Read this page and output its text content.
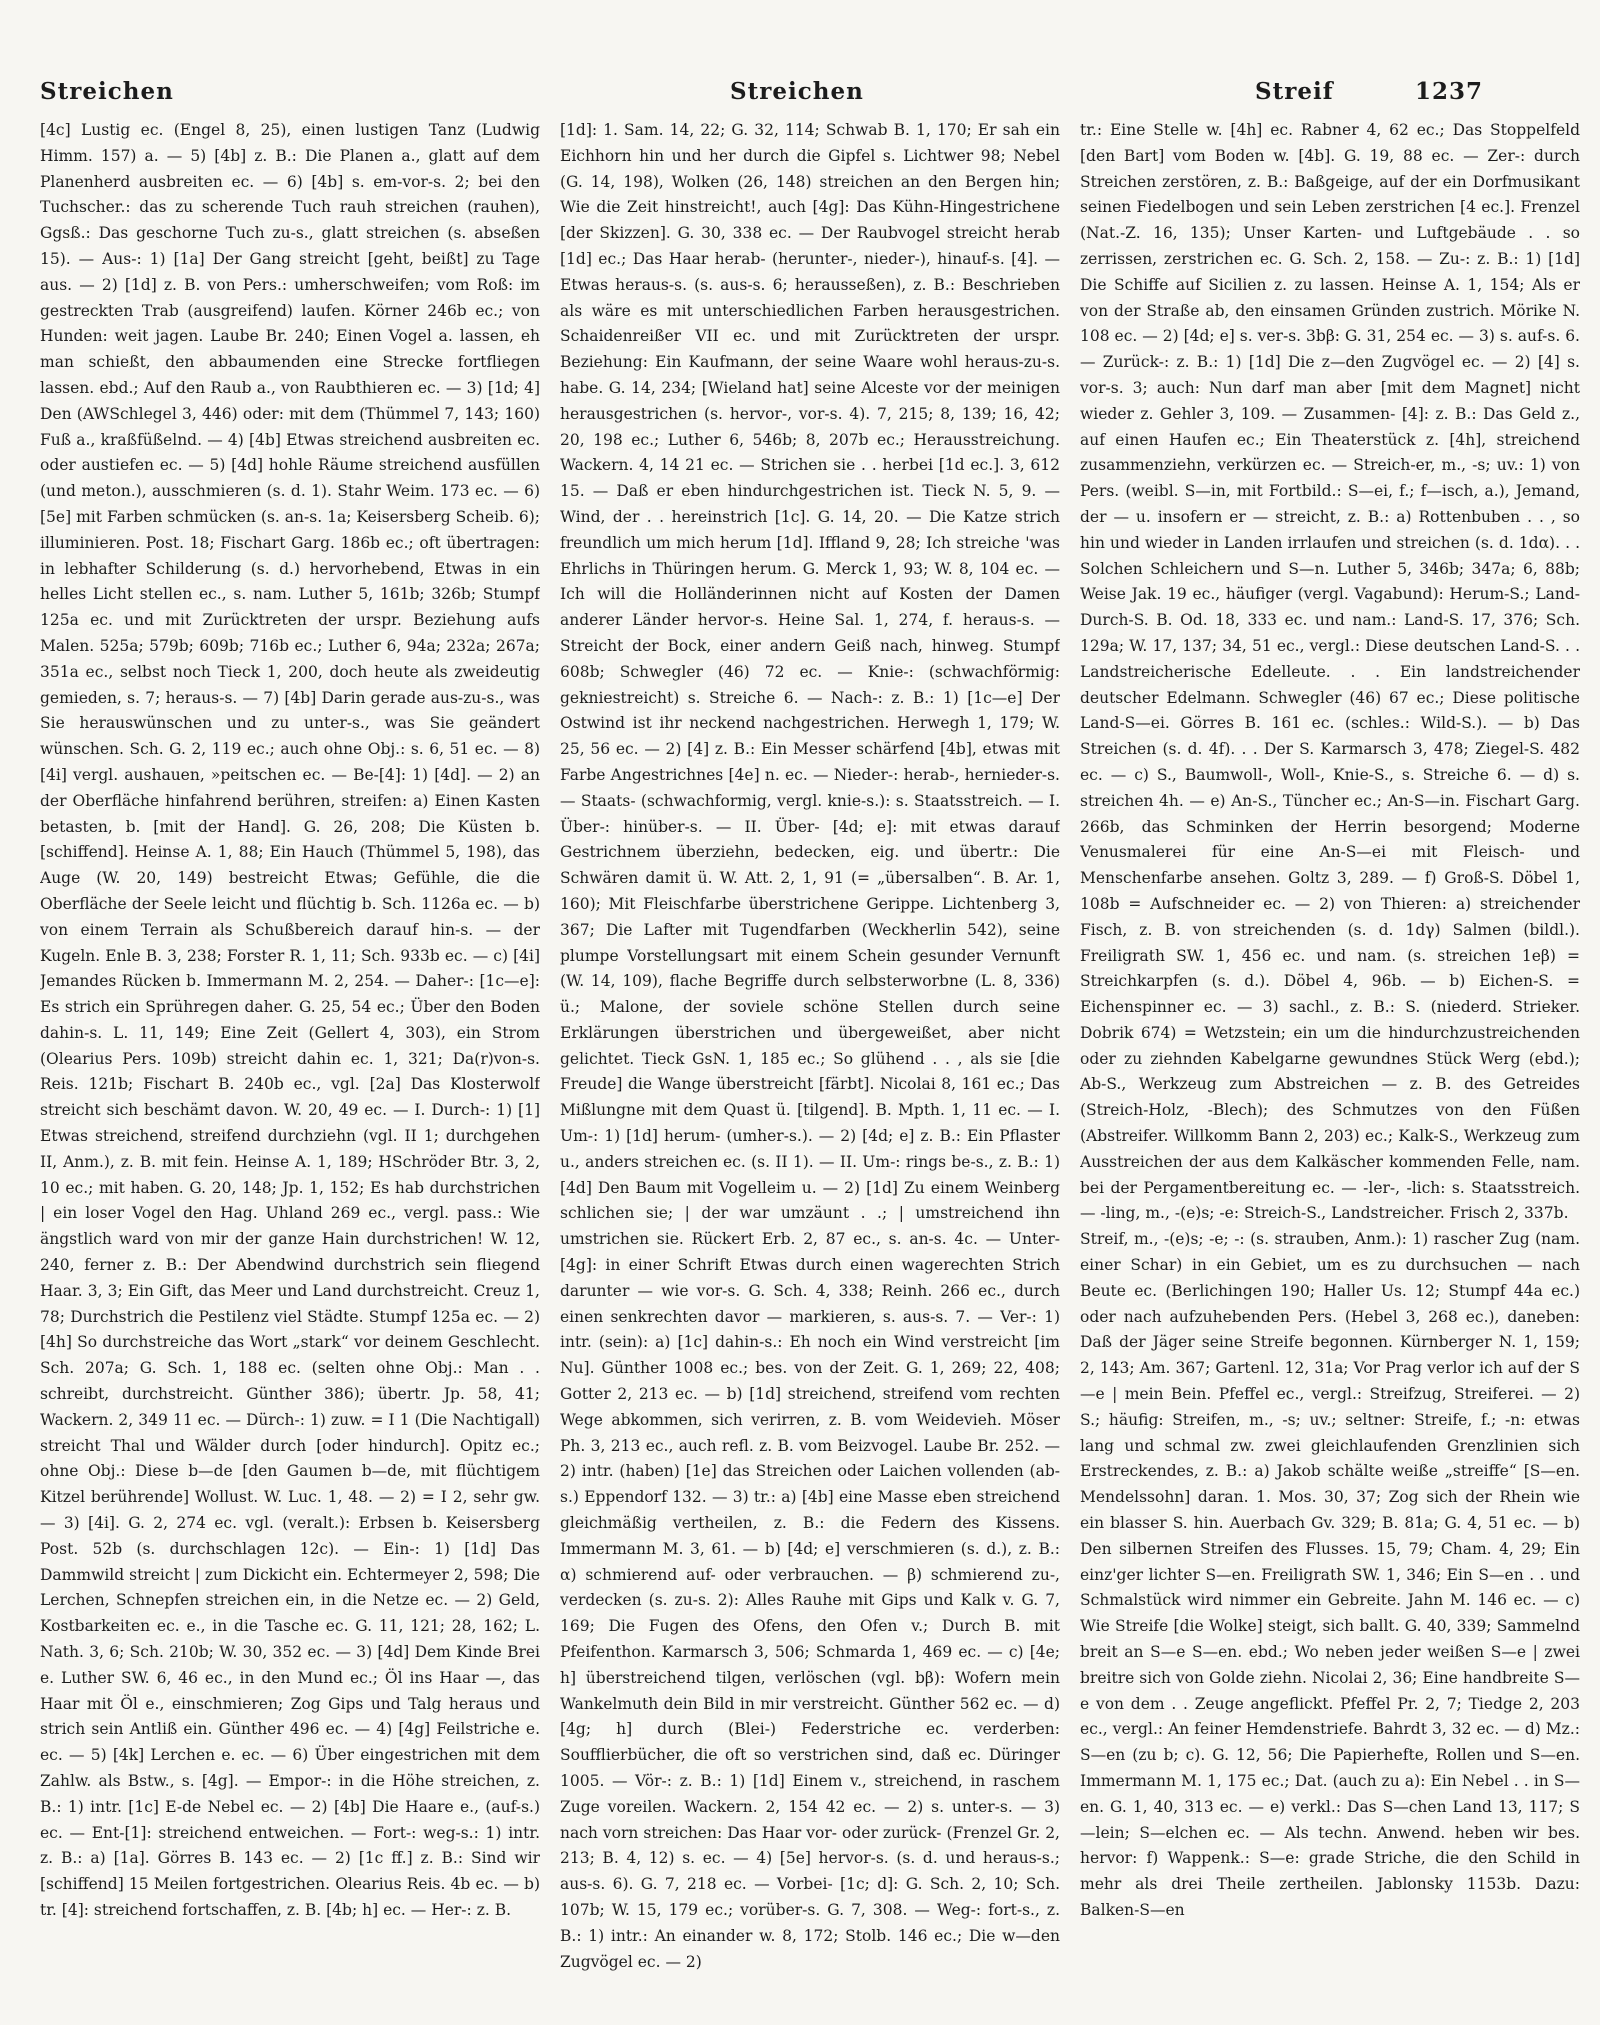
Streichen	Streichen	Streif	1237

[4c] Lustig ec. (Engel 8, 25), einen lustigen Tanz (Ludwig Himm. 157) a. — 5) [4b] z. B.: Die Planen a., glatt auf dem Planenherd ausbreiten ec. — 6) [4b] s. em-vor-s. 2; bei den Tuchscher.: das zu scherende Tuch rauh streichen (rauhen), Ggsß.: Das geschorne Tuch zu-s., glatt streichen (s. abseßen 15). — Aus-: 1) [1a] Der Gang streicht [geht, beißt] zu Tage aus. — 2) [1d] z. B. von Pers.: umherschweifen; vom Roß: im gestreckten Trab (ausgreifend) laufen. Körner 246b ec.; von Hunden: weit jagen. Laube Br. 240; Einen Vogel a. lassen, eh man schießt, den abbaumenden eine Strecke fortfliegen lassen. ebd.; Auf den Raub a., von Raubthieren ec. — 3) [1d; 4] Den (AWSchlegel 3, 446) oder: mit dem (Thümmel 7, 143; 160) Fuß a., kraßfüßelnd. — 4) [4b] Etwas streichend ausbreiten ec. oder austiefen ec. — 5) [4d] hohle Räume streichend ausfüllen (und meton.), ausschmieren (s. d. 1). Stahr Weim. 173 ec. — 6) [5e] mit Farben schmücken (s. an-s. 1a; Keisersberg Scheib. 6); illuminieren. Post. 18; Fischart Garg. 186b ec.; oft übertragen: in lebhafter Schilderung (s. d.) hervorhebend, Etwas in ein helles Licht stellen ec., s. nam. Luther 5, 161b; 326b; Stumpf 125a ec. und mit Zurücktreten der urspr. Beziehung aufs Malen. 525a; 579b; 609b; 716b ec.; Luther 6, 94a; 232a; 267a; 351a ec., selbst noch Tieck 1, 200, doch heute als zweideutig gemieden, s. 7; heraus-s. — 7) [4b] Darin gerade aus-zu-s., was Sie herauswünschen und zu unter-s., was Sie geändert wünschen. Sch. G. 2, 119 ec.; auch ohne Obj.: s. 6, 51 ec. — 8) [4i] vergl. aushauen, »peitschen ec. — Be-[4]: 1) [4d]. — 2) an der Oberfläche hinfahrend berühren, streifen: a) Einen Kasten betasten, b. [mit der Hand]. G. 26, 208; Die Küsten b. [schiffend]. Heinse A. 1, 88; Ein Hauch (Thümmel 5, 198), das Auge (W. 20, 149) bestreicht Etwas; Gefühle, die die Oberfläche der Seele leicht und flüchtig b. Sch. 1126a ec. — b) von einem Terrain als Schußbereich darauf hin-s. — der Kugeln. Enle B. 3, 238; Forster R. 1, 11; Sch. 933b ec. — c) [4i] Jemandes Rücken b. Immermann M. 2, 254. — Daher-: [1c—e]: Es strich ein Sprühregen daher. G. 25, 54 ec.; Über den Boden dahin-s. L. 11, 149; Eine Zeit (Gellert 4, 303), ein Strom (Olearius Pers. 109b) streicht dahin ec. 1, 321; Da(r)von-s. Reis. 121b; Fischart B. 240b ec., vgl. [2a] Das Klosterwolf streicht sich beschämt davon. W. 20, 49 ec. — I. Durch-: 1) [1] Etwas streichend, streifend durchziehn (vgl. II 1; durchgehen II, Anm.), z. B. mit fein. Heinse A. 1, 189; HSchröder Btr. 3, 2, 10 ec.; mit haben. G. 20, 148; Jp. 1, 152; Es hab durchstrichen | ein loser Vogel den Hag. Uhland 269 ec., vergl. pass.: Wie ängstlich ward von mir der ganze Hain durchstrichen! W. 12, 240, ferner z. B.: Der Abendwind durchstrich sein fliegend Haar. 3, 3; Ein Gift, das Meer und Land durchstreicht. Creuz 1, 78; Durchstrich die Pestilenz viel Städte. Stumpf 125a ec. — 2) [4h] So durchstreiche das Wort „stark“ vor deinem Geschlecht. Sch. 207a; G. Sch. 1, 188 ec. (selten ohne Obj.: Man . . schreibt, durchstreicht. Günther 386); übertr. Jp. 58, 41; Wackern. 2, 349 11 ec. — Dürch-: 1) zuw. = I 1 (Die Nachtigall) streicht Thal und Wälder durch [oder hindurch]. Opitz ec.; ohne Obj.: Diese b—de [den Gaumen b—de, mit flüchtigem Kitzel berührende] Wollust. W. Luc. 1, 48. — 2) = I 2, sehr gw. — 3) [4i]. G. 2, 274 ec. vgl. (veralt.): Erbsen b. Keisersberg Post. 52b (s. durchschlagen 12c). — Ein-: 1) [1d] Das Dammwild streicht | zum Dickicht ein. Echtermeyer 2, 598; Die Lerchen, Schnepfen streichen ein, in die Netze ec. — 2) Geld, Kostbarkeiten ec. e., in die Tasche ec. G. 11, 121; 28, 162; L. Nath. 3, 6; Sch. 210b; W. 30, 352 ec. — 3) [4d] Dem Kinde Brei e. Luther SW. 6, 46 ec., in den Mund ec.; Öl ins Haar —, das Haar mit Öl e., einschmieren; Zog Gips und Talg heraus und strich sein Antliß ein. Günther 496 ec. — 4) [4g] Feilstriche e. ec. — 5) [4k] Lerchen e. ec. — 6) Über eingestrichen mit dem Zahlw. als Bstw., s. [4g]. — Empor-: in die Höhe streichen, z. B.: 1) intr. [1c] E-de Nebel ec. — 2) [4b] Die Haare e., (auf-s.) ec. — Ent-[1]: streichend entweichen. — Fort-: weg-s.: 1) intr. z. B.: a) [1a]. Görres B. 143 ec. — 2) [1c ff.] z. B.: Sind wir [schiffend] 15 Meilen fortgestrichen. Olearius Reis. 4b ec. — b) tr. [4]: streichend fortschaffen, z. B. [4b; h] ec. — Her-: z. B.

[1d]: 1. Sam. 14, 22; G. 32, 114; Schwab B. 1, 170; Er sah ein Eichhorn hin und her durch die Gipfel s. Lichtwer 98; Nebel (G. 14, 198), Wolken (26, 148) streichen an den Bergen hin; Wie die Zeit hinstreicht!, auch [4g]: Das Kühn-Hingestrichene [der Skizzen]. G. 30, 338 ec. — Der Raubvogel streicht herab [1d] ec.; Das Haar herab- (herunter-, nieder-), hinauf-s. [4]. — Etwas heraus-s. (s. aus-s. 6; herausseßen), z. B.: Beschrieben als wäre es mit unterschiedlichen Farben herausgestrichen. Schaidenreißer VII ec. und mit Zurücktreten der urspr. Beziehung: Ein Kaufmann, der seine Waare wohl heraus-zu-s. habe. G. 14, 234; [Wieland hat] seine Alceste vor der meinigen herausgestrichen (s. hervor-, vor-s. 4). 7, 215; 8, 139; 16, 42; 20, 198 ec.; Luther 6, 546b; 8, 207b ec.; Herausstreichung. Wackern. 4, 14 21 ec. — Strichen sie . . herbei [1d ec.]. 3, 612 15. — Daß er eben hindurchgestrichen ist. Tieck N. 5, 9. — Wind, der . . hereinstrich [1c]. G. 14, 20. — Die Katze strich freundlich um mich herum [1d]. Iffland 9, 28; Ich streiche 'was Ehrlichs in Thüringen herum. G. Merck 1, 93; W. 8, 104 ec. — Ich will die Holländerinnen nicht auf Kosten der Damen anderer Länder hervor-s. Heine Sal. 1, 274, f. heraus-s. — Streicht der Bock, einer andern Geiß nach, hinweg. Stumpf 608b; Schwegler (46) 72 ec. — Knie-: (schwachförmig: gekniestreicht) s. Streiche 6. — Nach-: z. B.: 1) [1c—e] Der Ostwind ist ihr neckend nachgestrichen. Herwegh 1, 179; W. 25, 56 ec. — 2) [4] z. B.: Ein Messer schärfend [4b], etwas mit Farbe Angestrichnes [4e] n. ec. — Nieder-: herab-, hernieder-s. — Staats- (schwachformig, vergl. knie-s.): s. Staatsstreich. — I. Über-: hinüber-s. — II. Über- [4d; e]: mit etwas darauf Gestrichnem überziehn, bedecken, eig. und übertr.: Die Schwären damit ü. W. Att. 2, 1, 91 (= „übersalben“. B. Ar. 1, 160); Mit Fleischfarbe überstrichene Gerippe. Lichtenberg 3, 367; Die Lafter mit Tugendfarben (Weckherlin 542), seine plumpe Vorstellungsart mit einem Schein gesunder Vernunft (W. 14, 109), flache Begriffe durch selbsterworbne (L. 8, 336) ü.; Malone, der soviele schöne Stellen durch seine Erklärungen überstrichen und übergeweißet, aber nicht gelichtet. Tieck GsN. 1, 185 ec.; So glühend . . , als sie [die Freude] die Wange überstreicht [färbt]. Nicolai 8, 161 ec.; Das Mißlungne mit dem Quast ü. [tilgend]. B. Mpth. 1, 11 ec. — I. Um-: 1) [1d] herum- (umher-s.). — 2) [4d; e] z. B.: Ein Pflaster u., anders streichen ec. (s. II 1). — II. Um-: rings be-s., z. B.: 1) [4d] Den Baum mit Vogelleim u. — 2) [1d] Zu einem Weinberg schlichen sie; | der war umzäunt . .; | umstreichend ihn umstrichen sie. Rückert Erb. 2, 87 ec., s. an-s. 4c. — Unter- [4g]: in einer Schrift Etwas durch einen wagerechten Strich darunter — wie vor-s. G. Sch. 4, 338; Reinh. 266 ec., durch einen senkrechten davor — markieren, s. aus-s. 7. — Ver-: 1) intr. (sein): a) [1c] dahin-s.: Eh noch ein Wind verstreicht [im Nu]. Günther 1008 ec.; bes. von der Zeit. G. 1, 269; 22, 408; Gotter 2, 213 ec. — b) [1d] streichend, streifend vom rechten Wege abkommen, sich verirren, z. B. vom Weidevieh. Möser Ph. 3, 213 ec., auch refl. z. B. vom Beizvogel. Laube Br. 252. — 2) intr. (haben) [1e] das Streichen oder Laichen vollenden (ab-s.) Eppendorf 132. — 3) tr.: a) [4b] eine Masse eben streichend gleichmäßig vertheilen, z. B.: die Federn des Kissens. Immermann M. 3, 61. — b) [4d; e] verschmieren (s. d.), z. B.: α) schmierend auf- oder verbrauchen. — β) schmierend zu-, verdecken (s. zu-s. 2): Alles Rauhe mit Gips und Kalk v. G. 7, 169; Die Fugen des Ofens, den Ofen v.; Durch B. mit Pfeifenthon. Karmarsch 3, 506; Schmarda 1, 469 ec. — c) [4e; h] überstreichend tilgen, verlöschen (vgl. bβ): Wofern mein Wankelmuth dein Bild in mir verstreicht. Günther 562 ec. — d) [4g; h] durch (Blei-) Federstriche ec. verderben: Soufflierbücher, die oft so verstrichen sind, daß ec. Düringer 1005. — Vör-: z. B.: 1) [1d] Einem v., streichend, in raschem Zuge voreilen. Wackern. 2, 154 42 ec. — 2) s. unter-s. — 3) nach vorn streichen: Das Haar vor- oder zurück- (Frenzel Gr. 2, 213; B. 4, 12) s. ec. — 4) [5e] hervor-s. (s. d. und heraus-s.; aus-s. 6). G. 7, 218 ec. — Vorbei- [1c; d]: G. Sch. 2, 10; Sch. 107b; W. 15, 179 ec.; vorüber-s. G. 7, 308. — Weg-: fort-s., z. B.: 1) intr.: An einander w. 8, 172; Stolb. 146 ec.; Die w—den Zugvögel ec. — 2)

tr.: Eine Stelle w. [4h] ec. Rabner 4, 62 ec.; Das Stoppelfeld [den Bart] vom Boden w. [4b]. G. 19, 88 ec. — Zer-: durch Streichen zerstören, z. B.: Baßgeige, auf der ein Dorfmusikant seinen Fiedelbogen und sein Leben zerstrichen [4 ec.]. Frenzel (Nat.-Z. 16, 135); Unser Karten- und Luftgebäude . . so zerrissen, zerstrichen ec. G. Sch. 2, 158. — Zu-: z. B.: 1) [1d] Die Schiffe auf Sicilien z. zu lassen. Heinse A. 1, 154; Als er von der Straße ab, den einsamen Gründen zustrich. Mörike N. 108 ec. — 2) [4d; e] s. ver-s. 3bβ: G. 31, 254 ec. — 3) s. auf-s. 6. — Zurück-: z. B.: 1) [1d] Die z—den Zugvögel ec. — 2) [4] s. vor-s. 3; auch: Nun darf man aber [mit dem Magnet] nicht wieder z. Gehler 3, 109. — Zusammen- [4]: z. B.: Das Geld z., auf einen Haufen ec.; Ein Theaterstück z. [4h], streichend zusammenziehn, verkürzen ec. — Streich-er, m., -s; uv.: 1) von Pers. (weibl. S—in, mit Fortbild.: S—ei, f.; f—isch, a.), Jemand, der — u. insofern er — streicht, z. B.: a) Rottenbuben . . , so hin und wieder in Landen irrlaufen und streichen (s. d. 1dα). . . Solchen Schleichern und S—n. Luther 5, 346b; 347a; 6, 88b; Weise Jak. 19 ec., häufiger (vergl. Vagabund): Herum-S.; Land-Durch-S. B. Od. 18, 333 ec. und nam.: Land-S. 17, 376; Sch. 129a; W. 17, 137; 34, 51 ec., vergl.: Diese deutschen Land-S. . . Landstreicherische Edelleute. . . Ein landstreichender deutscher Edelmann. Schwegler (46) 67 ec.; Diese politische Land-S—ei. Görres B. 161 ec. (schles.: Wild-S.). — b) Das Streichen (s. d. 4f). . . Der S. Karmarsch 3, 478; Ziegel-S. 482 ec. — c) S., Baumwoll-, Woll-, Knie-S., s. Streiche 6. — d) s. streichen 4h. — e) An-S., Tüncher ec.; An-S—in. Fischart Garg. 266b, das Schminken der Herrin besorgend; Moderne Venusmalerei für eine An-S—ei mit Fleisch- und Menschenfarbe ansehen. Goltz 3, 289. — f) Groß-S. Döbel 1, 108b = Aufschneider ec. — 2) von Thieren: a) streichender Fisch, z. B. von streichenden (s. d. 1dγ) Salmen (bildl.). Freiligrath SW. 1, 456 ec. und nam. (s. streichen 1eβ) = Streichkarpfen (s. d.). Döbel 4, 96b. — b) Eichen-S. = Eichenspinner ec. — 3) sachl., z. B.: S. (niederd. Strieker. Dobrik 674) = Wetzstein; ein um die hindurchzustreichenden oder zu ziehnden Kabelgarne gewundnes Stück Werg (ebd.); Ab-S., Werkzeug zum Abstreichen — z. B. des Getreides (Streich-Holz, -Blech); des Schmutzes von den Füßen (Abstreifer. Willkomm Bann 2, 203) ec.; Kalk-S., Werkzeug zum Ausstreichen der aus dem Kalkäscher kommenden Felle, nam. bei der Pergamentbereitung ec. — -ler-, -lich: s. Staatsstreich. — -ling, m., -(e)s; -e: Streich-S., Landstreicher. Frisch 2, 337b.

Streif, m., -(e)s; -e; -: (s. strauben, Anm.): 1) rascher Zug (nam. einer Schar) in ein Gebiet, um es zu durchsuchen — nach Beute ec. (Berlichingen 190; Haller Us. 12; Stumpf 44a ec.) oder nach aufzuhebenden Pers. (Hebel 3, 268 ec.), daneben: Daß der Jäger seine Streife begonnen. Kürnberger N. 1, 159; 2, 143; Am. 367; Gartenl. 12, 31a; Vor Prag verlor ich auf der S—e | mein Bein. Pfeffel ec., vergl.: Streifzug, Streiferei. — 2) S.; häufig: Streifen, m., -s; uv.; seltner: Streife, f.; -n: etwas lang und schmal zw. zwei gleichlaufenden Grenzlinien sich Erstreckendes, z. B.: a) Jakob schälte weiße „streiffe“ [S—en. Mendelssohn] daran. 1. Mos. 30, 37; Zog sich der Rhein wie ein blasser S. hin. Auerbach Gv. 329; B. 81a; G. 4, 51 ec. — b) Den silbernen Streifen des Flusses. 15, 79; Cham. 4, 29; Ein einz'ger lichter S—en. Freiligrath SW. 1, 346; Ein S—en . . und Schmalstück wird nimmer ein Gebreite. Jahn M. 146 ec. — c) Wie Streife [die Wolke] steigt, sich ballt. G. 40, 339; Sammelnd breit an S—e S—en. ebd.; Wo neben jeder weißen S—e | zwei breitre sich von Golde ziehn. Nicolai 2, 36; Eine handbreite S—e von dem . . Zeuge angeflickt. Pfeffel Pr. 2, 7; Tiedge 2, 203 ec., vergl.: An feiner Hemdenstriefe. Bahrdt 3, 32 ec. — d) Mz.: S—en (zu b; c). G. 12, 56; Die Papierhefte, Rollen und S—en. Immermann M. 1, 175 ec.; Dat. (auch zu a): Ein Nebel . . in S—en. G. 1, 40, 313 ec. — e) verkl.: Das S—chen Land 13, 117; S—lein; S—elchen ec. — Als techn. Anwend. heben wir bes. hervor: f) Wappenk.: S—e: grade Striche, die den Schild in mehr als drei Theile zertheilen. Jablonsky 1153b. Dazu: Balken-S—en
